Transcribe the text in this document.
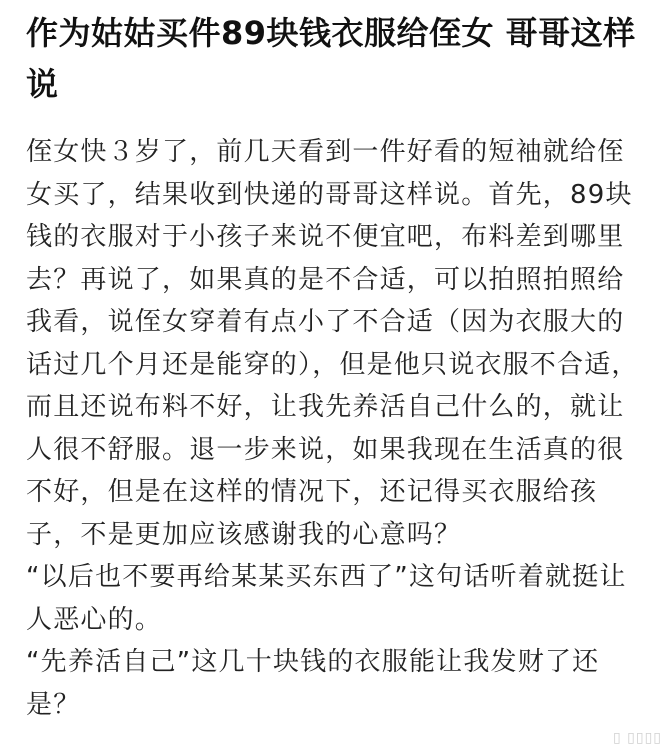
作为姑姑买件89块钱衣服给侄女 哥哥这样说

侄女快３岁了，前几天看到一件好看的短袖就给侄女买了，结果收到快递的哥哥这样说。首先，89块钱的衣服对于小孩子来说不便宜吧，布料差到哪里去？再说了，如果真的是不合适，可以拍照拍照给我看，说侄女穿着有点小了不合适（因为衣服大的话过几个月还是能穿的），但是他只说衣服不合适，而且还说布料不好，让我先养活自己什么的，就让人很不舒服。退一步来说，如果我现在生活真的很不好，但是在这样的情况下，还记得买衣服给孩子，不是更加应该感谢我的心意吗？

“以后也不要再给某某买东西了”这句话听着就挺让人恶心的。

“先养活自己”这几十块钱的衣服能让我发财了还是？

▯ ▯▯▯▯
